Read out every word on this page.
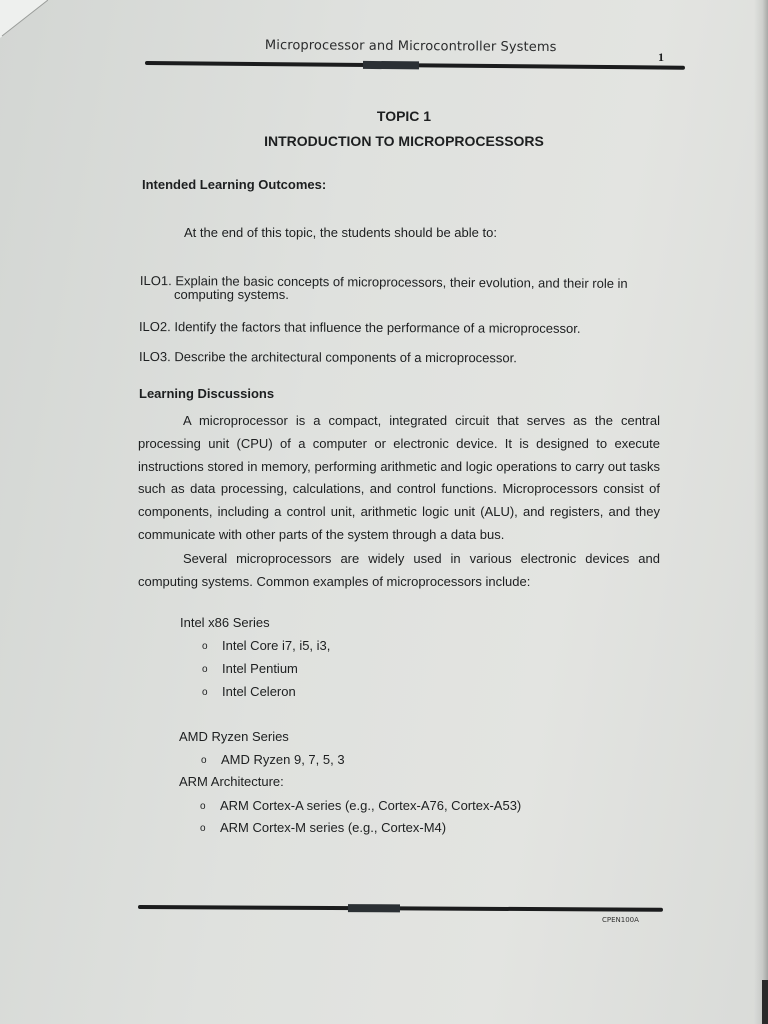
Microprocessor and Microcontroller Systems
1
TOPIC 1
INTRODUCTION TO MICROPROCESSORS
Intended Learning Outcomes:
At the end of this topic, the students should be able to:
ILO1. Explain the basic concepts of microprocessors, their evolution, and their role in
computing systems.
ILO2. Identify the factors that influence the performance of a microprocessor.
ILO3. Describe the architectural components of a microprocessor.
Learning Discussions
A microprocessor is a compact, integrated circuit that serves as the central processing unit (CPU) of a computer or electronic device. It is designed to execute instructions stored in memory, performing arithmetic and logic operations to carry out tasks such as data processing, calculations, and control functions. Microprocessors consist of components, including a control unit, arithmetic logic unit (ALU), and registers, and they communicate with other parts of the system through a data bus.
Several microprocessors are widely used in various electronic devices and computing systems. Common examples of microprocessors include:
Intel x86 Series
o Intel Core i7, i5, i3,
o Intel Pentium
o Intel Celeron
AMD Ryzen Series
o AMD Ryzen 9, 7, 5, 3
ARM Architecture:
o ARM Cortex-A series (e.g., Cortex-A76, Cortex-A53)
o ARM Cortex-M series (e.g., Cortex-M4)
CPEN100A
